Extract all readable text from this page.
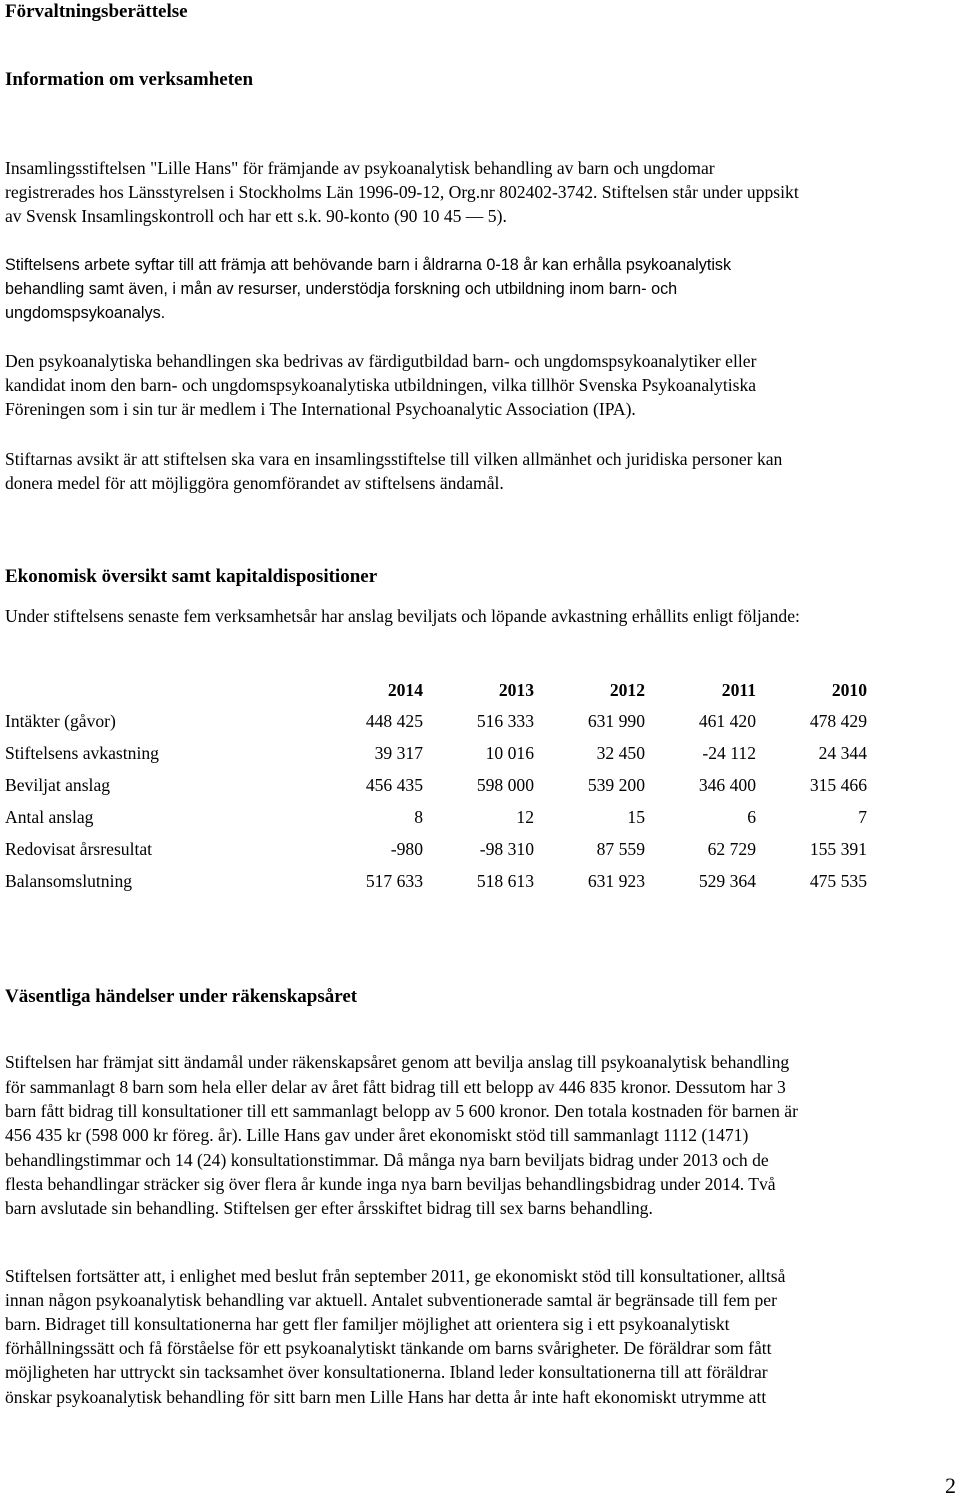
Förvaltningsberättelse
Information om verksamheten
Insamlingsstiftelsen "Lille Hans" för främjande av psykoanalytisk behandling av barn och ungdomar
registrerades hos Länsstyrelsen i Stockholms Län 1996-09-12, Org.nr 802402-3742. Stiftelsen står under uppsikt
av Svensk Insamlingskontroll och har ett s.k. 90-konto (90 10 45 — 5).
Stiftelsens arbete syftar till att främja att behövande barn i åldrarna 0-18 år kan erhålla psykoanalytisk
behandling samt även, i mån av resurser, understödja forskning och utbildning inom barn- och
ungdomspsykoanalys.
Den psykoanalytiska behandlingen ska bedrivas av färdigutbildad barn- och ungdomspsykoanalytiker eller
kandidat inom den barn- och ungdomspsykoanalytiska utbildningen, vilka tillhör Svenska Psykoanalytiska
Föreningen som i sin tur är medlem i The International Psychoanalytic Association (IPA).
Stiftarnas avsikt är att stiftelsen ska vara en insamlingsstiftelse till vilken allmänhet och juridiska personer kan
donera medel för att möjliggöra genomförandet av stiftelsens ändamål.
Ekonomisk översikt samt kapitaldispositioner
Under stiftelsens senaste fem verksamhetsår har anslag beviljats och löpande avkastning erhållits enligt följande:
2014	2013	2012	2011	2010
Intäkter (gåvor)	448 425	516 333	631 990	461 420	478 429
Stiftelsens avkastning	39 317	10 016	32 450	-24 112	24 344
Beviljat anslag	456 435	598 000	539 200	346 400	315 466
Antal anslag	8	12	15	6	7
Redovisat årsresultat	-980	-98 310	87 559	62 729	155 391
Balansomslutning	517 633	518 613	631 923	529 364	475 535
Väsentliga händelser under räkenskapsåret
Stiftelsen har främjat sitt ändamål under räkenskapsåret genom att bevilja anslag till psykoanalytisk behandling
för sammanlagt 8 barn som hela eller delar av året fått bidrag till ett belopp av 446 835 kronor. Dessutom har 3
barn fått bidrag till konsultationer till ett sammanlagt belopp av 5 600 kronor. Den totala kostnaden för barnen är
456 435 kr (598 000 kr föreg. år). Lille Hans gav under året ekonomiskt stöd till sammanlagt 1112 (1471)
behandlingstimmar och 14 (24) konsultationstimmar. Då många nya barn beviljats bidrag under 2013 och de
flesta behandlingar sträcker sig över flera år kunde inga nya barn beviljas behandlingsbidrag under 2014. Två
barn avslutade sin behandling. Stiftelsen ger efter årsskiftet bidrag till sex barns behandling.
Stiftelsen fortsätter att, i enlighet med beslut från september 2011, ge ekonomiskt stöd till konsultationer, alltså
innan någon psykoanalytisk behandling var aktuell. Antalet subventionerade samtal är begränsade till fem per
barn. Bidraget till konsultationerna har gett fler familjer möjlighet att orientera sig i ett psykoanalytiskt
förhållningssätt och få förståelse för ett psykoanalytiskt tänkande om barns svårigheter. De föräldrar som fått
möjligheten har uttryckt sin tacksamhet över konsultationerna. Ibland leder konsultationerna till att föräldrar
önskar psykoanalytisk behandling för sitt barn men Lille Hans har detta år inte haft ekonomiskt utrymme att
2
